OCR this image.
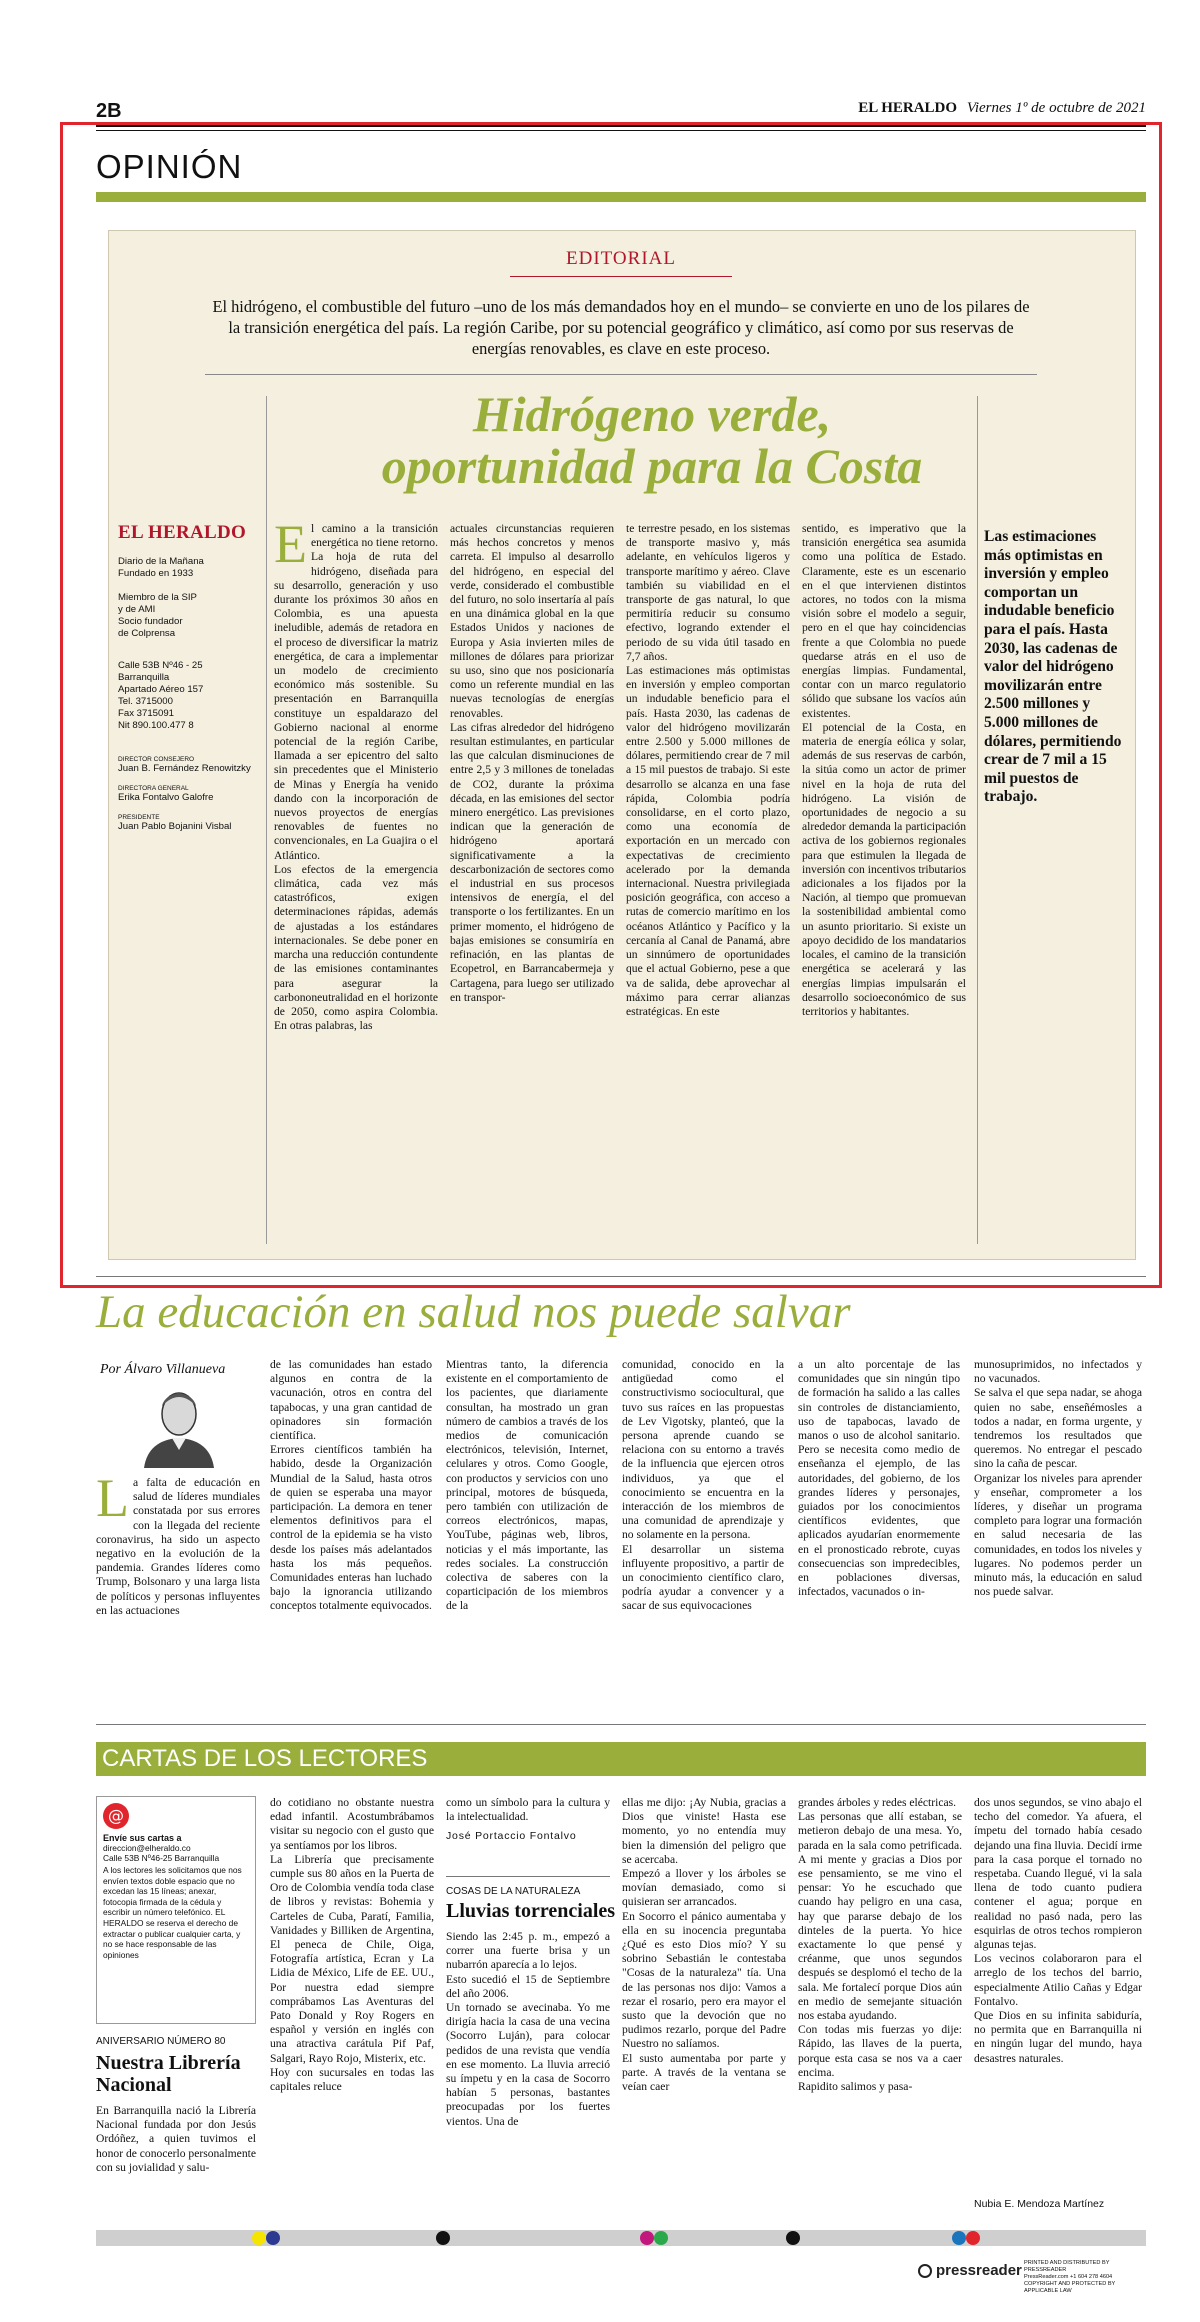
2B	EL HERALDO Viernes 1º de octubre de 2021
OPINIÓN
EDITORIAL
El hidrógeno, el combustible del futuro –uno de los más demandados hoy en el mundo– se convierte en uno de los pilares de la transición energética del país. La región Caribe, por su potencial geográfico y climático, así como por sus reservas de energías renovables, es clave en este proceso.
Hidrógeno verde,
oportunidad para la Costa
EL HERALDO
Diario de la Mañana
Fundado en 1933
Miembro de la SIP
y de AMI
Socio fundador
de Colprensa
Calle 53B Nº46 - 25
Barranquilla
Apartado Aéreo 157
Tel. 3715000
Fax 3715091
Nit 890.100.477 8
DIRECTOR CONSEJERO
Juan B. Fernández Renowitzky
DIRECTORA GENERAL
Erika Fontalvo Galofre
PRESIDENTE
Juan Pablo Bojanini Visbal
E l camino a la transición energética no tiene retorno. La hoja de ruta del hidrógeno, diseñada para su desarrollo, generación y uso durante los próximos 30 años en Colombia, es una apuesta ineludible, además de retadora en el proceso de diversificar la matriz energética, de cara a implementar un modelo de crecimiento económico más sostenible. Su presentación en Barranquilla constituye un espaldarazo del Gobierno nacional al enorme potencial de la región Caribe, llamada a ser epicentro del salto sin precedentes que el Ministerio de Minas y Energía ha venido dando con la incorporación de nuevos proyectos de energías renovables de fuentes no convencionales, en La Guajira o el Atlántico.
Los efectos de la emergencia climática, cada vez más catastróficos, exigen determinaciones rápidas, además de ajustadas a los estándares internacionales. Se debe poner en marcha una reducción contundente de las emisiones contaminantes para asegurar la carbononeutralidad en el horizonte de 2050, como aspira Colombia. En otras palabras, las
actuales circunstancias requieren más hechos concretos y menos carreta. El impulso al desarrollo del hidrógeno, en especial del verde, considerado el combustible del futuro, no solo insertaría al país en una dinámica global en la que Estados Unidos y naciones de Europa y Asia invierten miles de millones de dólares para priorizar su uso, sino que nos posicionaría como un referente mundial en las nuevas tecnologías de energías renovables.
Las cifras alrededor del hidrógeno resultan estimulantes, en particular las que calculan disminuciones de entre 2,5 y 3 millones de toneladas de CO2, durante la próxima década, en las emisiones del sector minero energético. Las previsiones indican que la generación de hidrógeno aportará significativamente a la descarbonización de sectores como el industrial en sus procesos intensivos de energía, el del transporte o los fertilizantes. En un primer momento, el hidrógeno de bajas emisiones se consumiría en refinación, en las plantas de Ecopetrol, en Barrancabermeja y Cartagena, para luego ser utilizado en transpor-
te terrestre pesado, en los sistemas de transporte masivo y, más adelante, en vehículos ligeros y transporte marítimo y aéreo. Clave también su viabilidad en el transporte de gas natural, lo que permitiría reducir su consumo efectivo, logrando extender el periodo de su vida útil tasado en 7,7 años.
Las estimaciones más optimistas en inversión y empleo comportan un indudable beneficio para el país. Hasta 2030, las cadenas de valor del hidrógeno movilizarán entre 2.500 y 5.000 millones de dólares, permitiendo crear de 7 mil a 15 mil puestos de trabajo. Si este desarrollo se alcanza en una fase rápida, Colombia podría consolidarse, en el corto plazo, como una economía de exportación en un mercado con expectativas de crecimiento acelerado por la demanda internacional. Nuestra privilegiada posición geográfica, con acceso a rutas de comercio marítimo en los océanos Atlántico y Pacífico y la cercanía al Canal de Panamá, abre un sinnúmero de oportunidades que el actual Gobierno, pese a que va de salida, debe aprovechar al máximo para cerrar alianzas estratégicas. En este
sentido, es imperativo que la transición energética sea asumida como una política de Estado. Claramente, este es un escenario en el que intervienen distintos actores, no todos con la misma visión sobre el modelo a seguir, pero en el que hay coincidencias frente a que Colombia no puede quedarse atrás en el uso de energías limpias. Fundamental, contar con un marco regulatorio sólido que subsane los vacíos aún existentes.
El potencial de la Costa, en materia de energía eólica y solar, además de sus reservas de carbón, la sitúa como un actor de primer nivel en la hoja de ruta del hidrógeno. La visión de oportunidades de negocio a su alrededor demanda la participación activa de los gobiernos regionales para que estimulen la llegada de inversión con incentivos tributarios adicionales a los fijados por la Nación, al tiempo que promuevan la sostenibilidad ambiental como un asunto prioritario. Si existe un apoyo decidido de los mandatarios locales, el camino de la transición energética se acelerará y las energías limpias impulsarán el desarrollo socioeconómico de sus territorios y habitantes.
Las estimaciones más optimistas en inversión y empleo comportan un indudable beneficio para el país. Hasta 2030, las cadenas de valor del hidrógeno movilizarán entre 2.500 millones y 5.000 millones de dólares, permitiendo crear de 7 mil a 15 mil puestos de trabajo.
La educación en salud nos puede salvar
Por Álvaro Villanueva
L a falta de educación en salud de líderes mundiales constatada por sus errores con la llegada del reciente coronavirus, ha sido un aspecto negativo en la evolución de la pandemia. Grandes líderes como Trump, Bolsonaro y una larga lista de políticos y personas influyentes en las actuaciones
de las comunidades han estado algunos en contra de la vacunación, otros en contra del tapabocas, y una gran cantidad de opinadores sin formación científica.
Errores científicos también ha habido, desde la Organización Mundial de la Salud, hasta otros de quien se esperaba una mayor participación. La demora en tener elementos definitivos para el control de la epidemia se ha visto desde los países más adelantados hasta los más pequeños. Comunidades enteras han luchado bajo la ignorancia utilizando conceptos totalmente equivocados.
Mientras tanto, la diferencia existente en el comportamiento de los pacientes, que diariamente consultan, ha mostrado un gran número de cambios a través de los medios de comunicación electrónicos, televisión, Internet, celulares y otros. Como Google, con productos y servicios con uno principal, motores de búsqueda, pero también con utilización de correos electrónicos, mapas, YouTube, páginas web, libros, noticias y el más importante, las redes sociales. La construcción colectiva de saberes con la coparticipación de los miembros de la
comunidad, conocido en la antigüedad como el constructivismo sociocultural, que tuvo sus raíces en las propuestas de Lev Vigotsky, planteó, que la persona aprende cuando se relaciona con su entorno a través de la influencia que ejercen otros individuos, ya que el conocimiento se encuentra en la interacción de los miembros de una comunidad de aprendizaje y no solamente en la persona.
El desarrollar un sistema influyente propositivo, a partir de un conocimiento científico claro, podría ayudar a convencer y a sacar de sus equivocaciones
a un alto porcentaje de las comunidades que sin ningún tipo de formación ha salido a las calles sin controles de distanciamiento, uso de tapabocas, lavado de manos o uso de alcohol sanitario. Pero se necesita como medio de enseñanza el ejemplo, de las autoridades, del gobierno, de los grandes líderes y personajes, guiados por los conocimientos científicos evidentes, que aplicados ayudarían enormemente en el pronosticado rebrote, cuyas consecuencias son impredecibles, en poblaciones diversas, infectados, vacunados o in-
munosuprimidos, no infectados y no vacunados.
Se salva el que sepa nadar, se ahoga quien no sabe, enseñémosles a todos a nadar, en forma urgente, y tendremos los resultados que queremos. No entregar el pescado sino la caña de pescar.
Organizar los niveles para aprender y enseñar, comprometer a los líderes, y diseñar un programa completo para lograr una formación en salud necesaria de las comunidades, en todos los niveles y lugares. No podemos perder un minuto más, la educación en salud nos puede salvar.
CARTAS DE LOS LECTORES
@
Envíe sus cartas a
direccion@elheraldo.co
Calle 53B Nº46-25 Barranquilla
A los lectores les solicitamos que nos envíen textos doble espacio que no excedan las 15 líneas; anexar, fotocopia firmada de la cédula y escribir un número telefónico. EL HERALDO se reserva el derecho de extractar o publicar cualquier carta, y no se hace responsable de las opiniones
ANIVERSARIO NÚMERO 80
Nuestra Librería Nacional
En Barranquilla nació la Librería Nacional fundada por don Jesús Ordóñez, a quien tuvimos el honor de conocerlo personalmente con su jovialidad y salu-
do cotidiano no obstante nuestra edad infantil. Acostumbrábamos visitar su negocio con el gusto que ya sentíamos por los libros.
La Librería que precisamente cumple sus 80 años en la Puerta de Oro de Colombia vendía toda clase de libros y revistas: Bohemia y Carteles de Cuba, Paratí, Familia, Vanidades y Billiken de Argentina, El peneca de Chile, Oiga, Fotografía artística, Ecran y La Lidia de México, Life de EE. UU., Por nuestra edad siempre comprábamos Las Aventuras del Pato Donald y Roy Rogers en español y versión en inglés con una atractiva carátula Pif Paf, Salgari, Rayo Rojo, Misterix, etc.
Hoy con sucursales en todas las capitales reluce
como un símbolo para la cultura y la intelectualidad.
José Portaccio Fontalvo
COSAS DE LA NATURALEZA
Lluvias torrenciales
Siendo las 2:45 p. m., empezó a correr una fuerte brisa y un nubarrón aparecía a lo lejos.
Esto sucedió el 15 de Septiembre del año 2006.
Un tornado se avecinaba. Yo me dirigía hacia la casa de una vecina (Socorro Luján), para colocar pedidos de una revista que vendía en ese momento. La lluvia arreció su ímpetu y en la casa de Socorro habían 5 personas, bastantes preocupadas por los fuertes vientos. Una de
ellas me dijo: ¡Ay Nubia, gracias a Dios que viniste! Hasta ese momento, yo no entendía muy bien la dimensión del peligro que se acercaba.
Empezó a llover y los árboles se movían demasiado, como si quisieran ser arrancados.
En Socorro el pánico aumentaba y ella en su inocencia preguntaba ¿Qué es esto Dios mío? Y su sobrino Sebastián le contestaba "Cosas de la naturaleza" tía. Una de las personas nos dijo: Vamos a rezar el rosario, pero era mayor el susto que la devoción que no pudimos rezarlo, porque del Padre Nuestro no salíamos.
El susto aumentaba por parte y parte. A través de la ventana se veían caer
grandes árboles y redes eléctricas.
Las personas que allí estaban, se metieron debajo de una mesa. Yo, parada en la sala como petrificada. A mi mente y gracias a Dios por ese pensamiento, se me vino el pensar: Yo he escuchado que cuando hay peligro en una casa, hay que pararse debajo de los dinteles de la puerta. Yo hice exactamente lo que pensé y créanme, que unos segundos después se desplomó el techo de la sala. Me fortalecí porque Dios aún en medio de semejante situación nos estaba ayudando.
Con todas mis fuerzas yo dije: Rápido, las llaves de la puerta, porque esta casa se nos va a caer encima.
Rapidito salimos y pasa-
dos unos segundos, se vino abajo el techo del comedor. Ya afuera, el ímpetu del tornado había cesado dejando una fina lluvia. Decidí irme para la casa porque el tornado no respetaba. Cuando llegué, vi la sala llena de todo cuanto pudiera contener el agua; porque en realidad no pasó nada, pero las esquirlas de otros techos rompieron algunas tejas.
Los vecinos colaboraron para el arreglo de los techos del barrio, especialmente Atilio Cañas y Edgar Fontalvo.
Que Dios en su infinita sabiduría, no permita que en Barranquilla ni en ningún lugar del mundo, haya desastres naturales.
Nubia E. Mendoza Martínez
pressreader PRINTED AND DISTRIBUTED BY PRESSREADER
PressReader.com +1 604 278 4604
COPYRIGHT AND PROTECTED BY APPLICABLE LAW
